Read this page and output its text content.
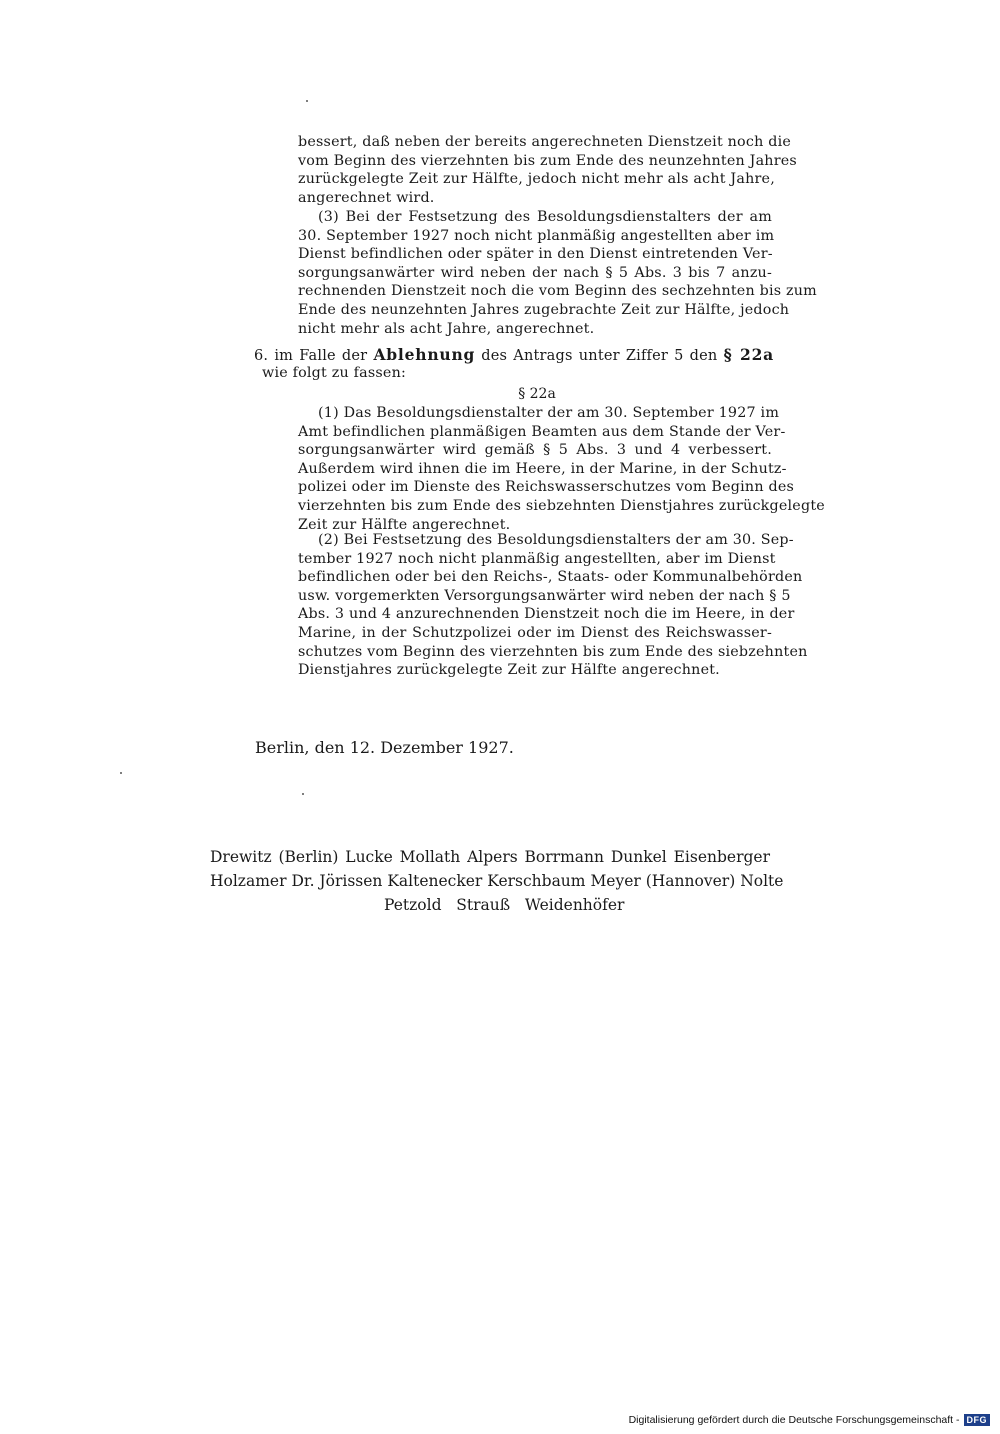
bessert, daß neben der bereits angerechneten Dienstzeit noch die
vom Beginn des vierzehnten bis zum Ende des neunzehnten Jahres
zurückgelegte Zeit zur Hälfte, jedoch nicht mehr als acht Jahre,
angerechnet wird.
(3) Bei der Festsetzung des Besoldungsdienstalters der am
30. September 1927 noch nicht planmäßig angestellten aber im
Dienst befindlichen oder später in den Dienst eintretenden Ver-
sorgungsanwärter wird neben der nach § 5 Abs. 3 bis 7 anzu-
rechnenden Dienstzeit noch die vom Beginn des sechzehnten bis zum
Ende des neunzehnten Jahres zugebrachte Zeit zur Hälfte, jedoch
nicht mehr als acht Jahre, angerechnet.
6. im Falle der Ablehnung des Antrags unter Ziffer 5 den § 22a
wie folgt zu fassen:
§ 22a
(1) Das Besoldungsdienstalter der am 30. September 1927 im
Amt befindlichen planmäßigen Beamten aus dem Stande der Ver-
sorgungsanwärter wird gemäß § 5 Abs. 3 und 4 verbessert.
Außerdem wird ihnen die im Heere, in der Marine, in der Schutz-
polizei oder im Dienste des Reichswasserschutzes vom Beginn des
vierzehnten bis zum Ende des siebzehnten Dienstjahres zurückgelegte
Zeit zur Hälfte angerechnet.
(2) Bei Festsetzung des Besoldungsdienstalters der am 30. Sep-
tember 1927 noch nicht planmäßig angestellten, aber im Dienst
befindlichen oder bei den Reichs-, Staats- oder Kommunalbehörden
usw. vorgemerkten Versorgungsanwärter wird neben der nach § 5
Abs. 3 und 4 anzurechnenden Dienstzeit noch die im Heere, in der
Marine, in der Schutzpolizei oder im Dienst des Reichswasser-
schutzes vom Beginn des vierzehnten bis zum Ende des siebzehnten
Dienstjahres zurückgelegte Zeit zur Hälfte angerechnet.
Berlin, den 12. Dezember 1927.
Drewitz (Berlin) Lucke Mollath Alpers Borrmann Dunkel Eisenberger
Holzamer Dr. Jörissen Kaltenecker Kerschbaum Meyer (Hannover) Nolte
Petzold Strauß Weidenhöfer
Digitalisierung gefördert durch die Deutsche Forschungsgemeinschaft - DFG
